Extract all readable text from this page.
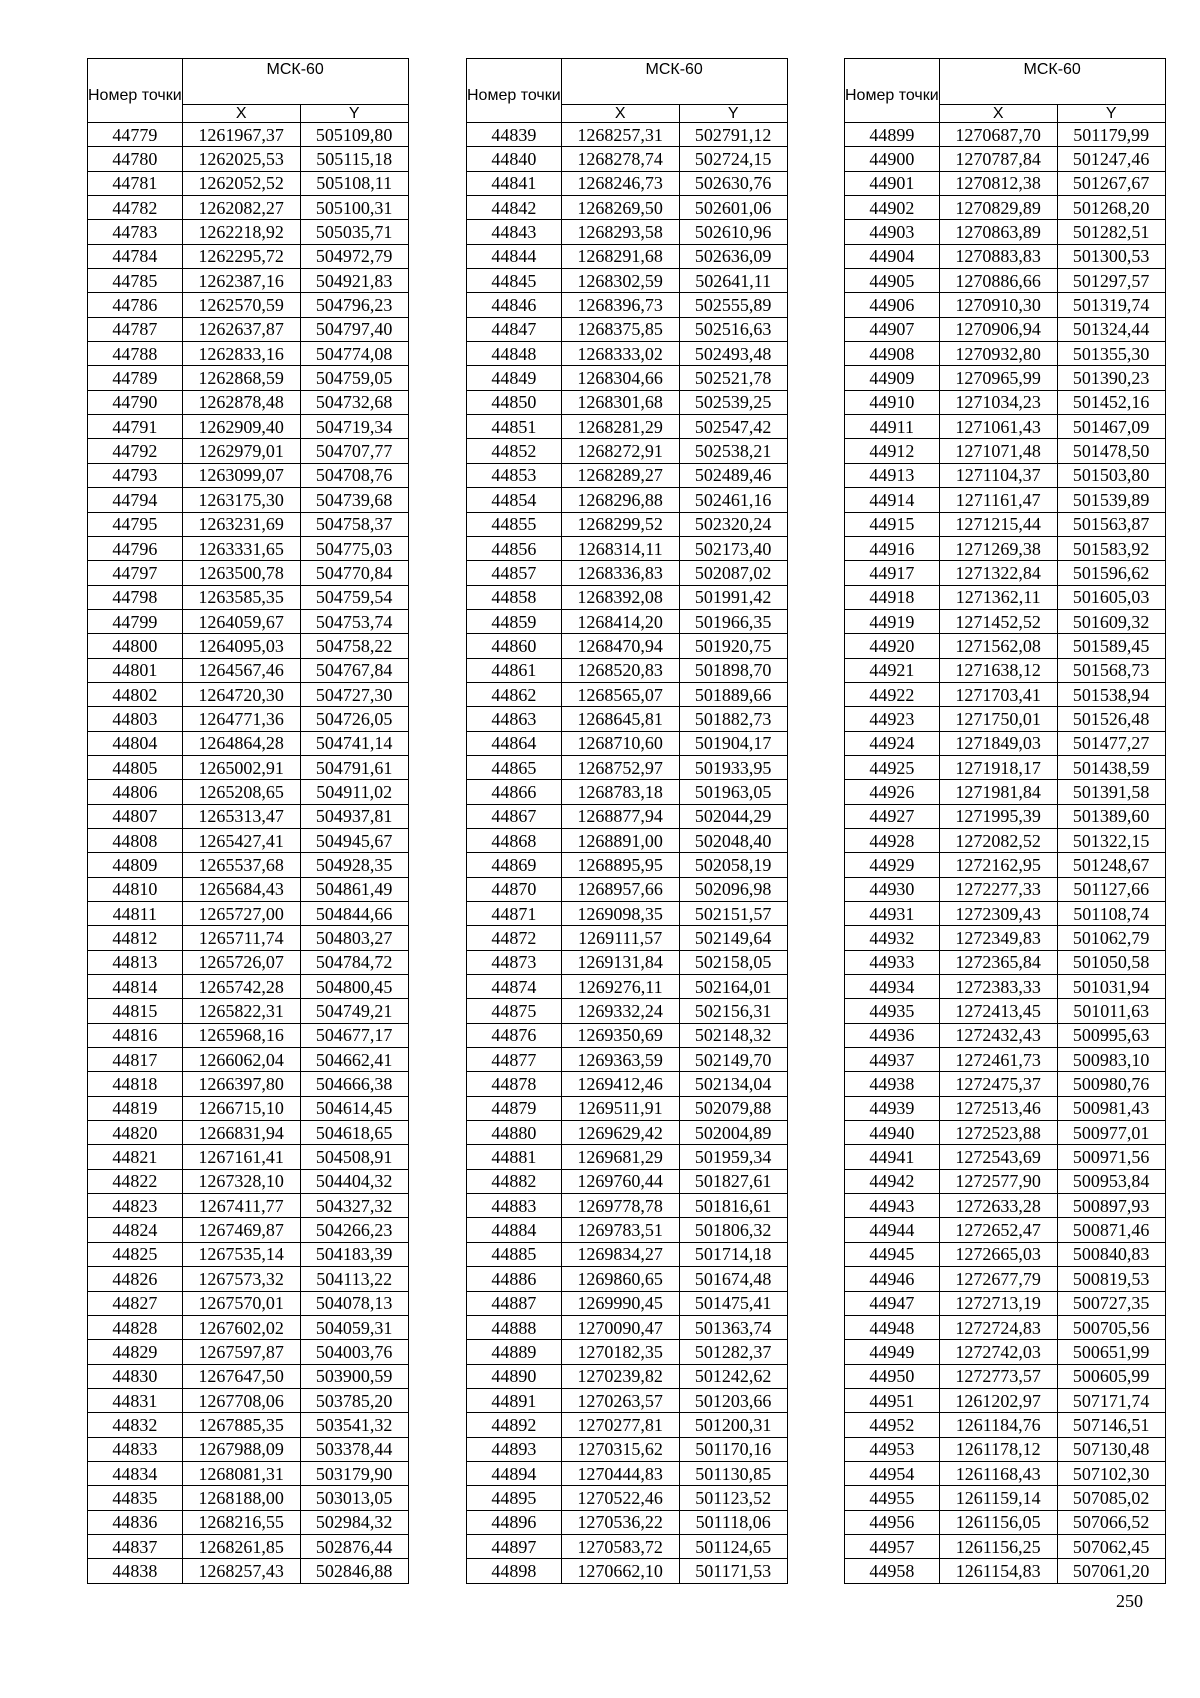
Номер точки	МСК-60	
	X	Y
44779	1261967,37	505109,80
44780	1262025,53	505115,18
44781	1262052,52	505108,11
44782	1262082,27	505100,31
44783	1262218,92	505035,71
44784	1262295,72	504972,79
44785	1262387,16	504921,83
44786	1262570,59	504796,23
44787	1262637,87	504797,40
44788	1262833,16	504774,08
44789	1262868,59	504759,05
44790	1262878,48	504732,68
44791	1262909,40	504719,34
44792	1262979,01	504707,77
44793	1263099,07	504708,76
44794	1263175,30	504739,68
44795	1263231,69	504758,37
44796	1263331,65	504775,03
44797	1263500,78	504770,84
44798	1263585,35	504759,54
44799	1264059,67	504753,74
44800	1264095,03	504758,22
44801	1264567,46	504767,84
44802	1264720,30	504727,30
44803	1264771,36	504726,05
44804	1264864,28	504741,14
44805	1265002,91	504791,61
44806	1265208,65	504911,02
44807	1265313,47	504937,81
44808	1265427,41	504945,67
44809	1265537,68	504928,35
44810	1265684,43	504861,49
44811	1265727,00	504844,66
44812	1265711,74	504803,27
44813	1265726,07	504784,72
44814	1265742,28	504800,45
44815	1265822,31	504749,21
44816	1265968,16	504677,17
44817	1266062,04	504662,41
44818	1266397,80	504666,38
44819	1266715,10	504614,45
44820	1266831,94	504618,65
44821	1267161,41	504508,91
44822	1267328,10	504404,32
44823	1267411,77	504327,32
44824	1267469,87	504266,23
44825	1267535,14	504183,39
44826	1267573,32	504113,22
44827	1267570,01	504078,13
44828	1267602,02	504059,31
44829	1267597,87	504003,76
44830	1267647,50	503900,59
44831	1267708,06	503785,20
44832	1267885,35	503541,32
44833	1267988,09	503378,44
44834	1268081,31	503179,90
44835	1268188,00	503013,05
44836	1268216,55	502984,32
44837	1268261,85	502876,44
44838	1268257,43	502846,88
Номер точки	МСК-60	
	X	Y
44839	1268257,31	502791,12
44840	1268278,74	502724,15
44841	1268246,73	502630,76
44842	1268269,50	502601,06
44843	1268293,58	502610,96
44844	1268291,68	502636,09
44845	1268302,59	502641,11
44846	1268396,73	502555,89
44847	1268375,85	502516,63
44848	1268333,02	502493,48
44849	1268304,66	502521,78
44850	1268301,68	502539,25
44851	1268281,29	502547,42
44852	1268272,91	502538,21
44853	1268289,27	502489,46
44854	1268296,88	502461,16
44855	1268299,52	502320,24
44856	1268314,11	502173,40
44857	1268336,83	502087,02
44858	1268392,08	501991,42
44859	1268414,20	501966,35
44860	1268470,94	501920,75
44861	1268520,83	501898,70
44862	1268565,07	501889,66
44863	1268645,81	501882,73
44864	1268710,60	501904,17
44865	1268752,97	501933,95
44866	1268783,18	501963,05
44867	1268877,94	502044,29
44868	1268891,00	502048,40
44869	1268895,95	502058,19
44870	1268957,66	502096,98
44871	1269098,35	502151,57
44872	1269111,57	502149,64
44873	1269131,84	502158,05
44874	1269276,11	502164,01
44875	1269332,24	502156,31
44876	1269350,69	502148,32
44877	1269363,59	502149,70
44878	1269412,46	502134,04
44879	1269511,91	502079,88
44880	1269629,42	502004,89
44881	1269681,29	501959,34
44882	1269760,44	501827,61
44883	1269778,78	501816,61
44884	1269783,51	501806,32
44885	1269834,27	501714,18
44886	1269860,65	501674,48
44887	1269990,45	501475,41
44888	1270090,47	501363,74
44889	1270182,35	501282,37
44890	1270239,82	501242,62
44891	1270263,57	501203,66
44892	1270277,81	501200,31
44893	1270315,62	501170,16
44894	1270444,83	501130,85
44895	1270522,46	501123,52
44896	1270536,22	501118,06
44897	1270583,72	501124,65
44898	1270662,10	501171,53
Номер точки	МСК-60	
	X	Y
44899	1270687,70	501179,99
44900	1270787,84	501247,46
44901	1270812,38	501267,67
44902	1270829,89	501268,20
44903	1270863,89	501282,51
44904	1270883,83	501300,53
44905	1270886,66	501297,57
44906	1270910,30	501319,74
44907	1270906,94	501324,44
44908	1270932,80	501355,30
44909	1270965,99	501390,23
44910	1271034,23	501452,16
44911	1271061,43	501467,09
44912	1271071,48	501478,50
44913	1271104,37	501503,80
44914	1271161,47	501539,89
44915	1271215,44	501563,87
44916	1271269,38	501583,92
44917	1271322,84	501596,62
44918	1271362,11	501605,03
44919	1271452,52	501609,32
44920	1271562,08	501589,45
44921	1271638,12	501568,73
44922	1271703,41	501538,94
44923	1271750,01	501526,48
44924	1271849,03	501477,27
44925	1271918,17	501438,59
44926	1271981,84	501391,58
44927	1271995,39	501389,60
44928	1272082,52	501322,15
44929	1272162,95	501248,67
44930	1272277,33	501127,66
44931	1272309,43	501108,74
44932	1272349,83	501062,79
44933	1272365,84	501050,58
44934	1272383,33	501031,94
44935	1272413,45	501011,63
44936	1272432,43	500995,63
44937	1272461,73	500983,10
44938	1272475,37	500980,76
44939	1272513,46	500981,43
44940	1272523,88	500977,01
44941	1272543,69	500971,56
44942	1272577,90	500953,84
44943	1272633,28	500897,93
44944	1272652,47	500871,46
44945	1272665,03	500840,83
44946	1272677,79	500819,53
44947	1272713,19	500727,35
44948	1272724,83	500705,56
44949	1272742,03	500651,99
44950	1272773,57	500605,99
44951	1261202,97	507171,74
44952	1261184,76	507146,51
44953	1261178,12	507130,48
44954	1261168,43	507102,30
44955	1261159,14	507085,02
44956	1261156,05	507066,52
44957	1261156,25	507062,45
44958	1261154,83	507061,20
250
